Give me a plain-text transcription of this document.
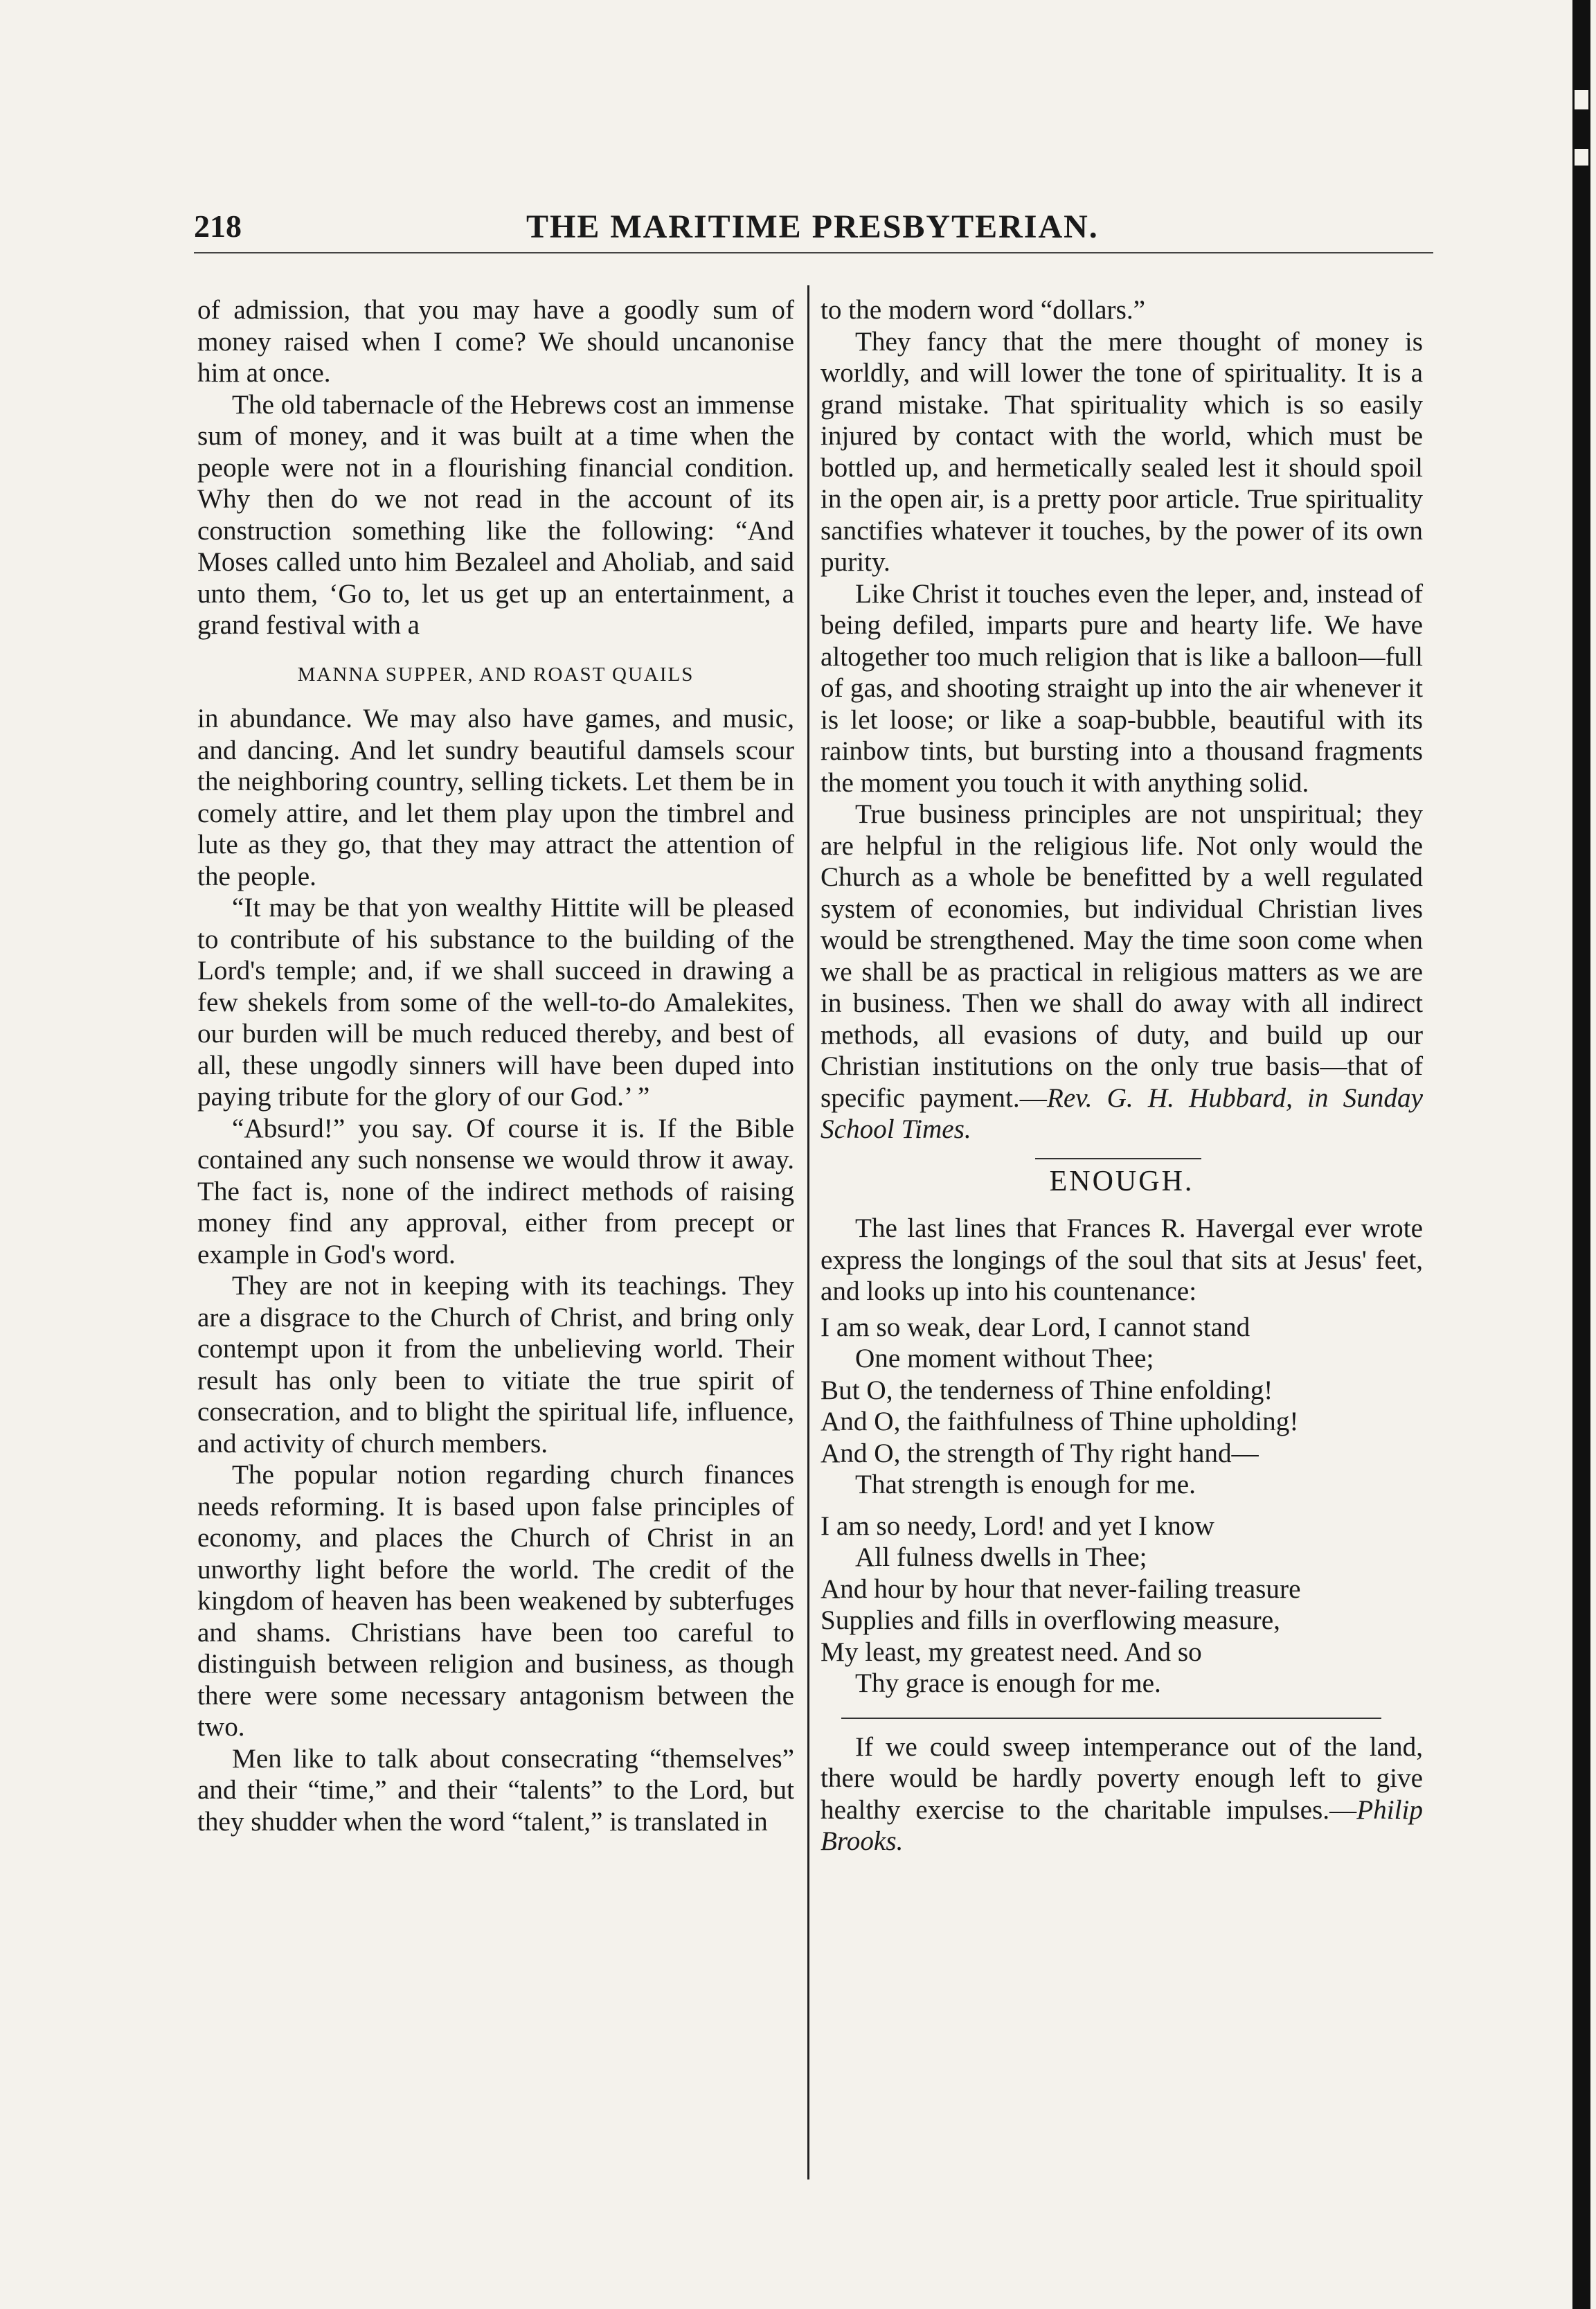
218	THE MARITIME PRESBYTERIAN.

of admission, that you may have a goodly sum of money raised when I come? We should uncanonise him at once.

The old tabernacle of the Hebrews cost an immense sum of money, and it was built at a time when the people were not in a flourishing financial condition. Why then do we not read in the account of its construction something like the following: “And Moses called unto him Bezaleel and Aholiab, and said unto them, ‘Go to, let us get up an entertainment, a grand festival with a

MANNA SUPPER, AND ROAST QUAILS

in abundance. We may also have games, and music, and dancing. And let sundry beautiful damsels scour the neighboring country, selling tickets. Let them be in comely attire, and let them play upon the timbrel and lute as they go, that they may attract the attention of the people.

“It may be that yon wealthy Hittite will be pleased to contribute of his substance to the building of the Lord's temple; and, if we shall succeed in drawing a few shekels from some of the well-to-do Amalekites, our burden will be much reduced thereby, and best of all, these ungodly sinners will have been duped into paying tribute for the glory of our God.’ ”

“Absurd!” you say. Of course it is. If the Bible contained any such nonsense we would throw it away. The fact is, none of the indirect methods of raising money find any approval, either from precept or example in God's word.

They are not in keeping with its teachings. They are a disgrace to the Church of Christ, and bring only contempt upon it from the unbelieving world. Their result has only been to vitiate the true spirit of consecration, and to blight the spiritual life, influence, and activity of church members.

The popular notion regarding church finances needs reforming. It is based upon false principles of economy, and places the Church of Christ in an unworthy light before the world. The credit of the kingdom of heaven has been weakened by subterfuges and shams. Christians have been too careful to distinguish between religion and business, as though there were some necessary antagonism between the two.

Men like to talk about consecrating “themselves” and their “time,” and their “talents” to the Lord, but they shudder when the word “talent,” is translated in

to the modern word “dollars.”

They fancy that the mere thought of money is worldly, and will lower the tone of spirituality. It is a grand mistake. That spirituality which is so easily injured by contact with the world, which must be bottled up, and hermetically sealed lest it should spoil in the open air, is a pretty poor article. True spirituality sanctifies whatever it touches, by the power of its own purity.

Like Christ it touches even the leper, and, instead of being defiled, imparts pure and hearty life. We have altogether too much religion that is like a balloon—full of gas, and shooting straight up into the air whenever it is let loose; or like a soap-bubble, beautiful with its rainbow tints, but bursting into a thousand fragments the moment you touch it with anything solid.

True business principles are not unspiritual; they are helpful in the religious life. Not only would the Church as a whole be benefitted by a well regulated system of economies, but individual Christian lives would be strengthened. May the time soon come when we shall be as practical in religious matters as we are in business. Then we shall do away with all indirect methods, all evasions of duty, and build up our Christian institutions on the only true basis—that of specific payment.—Rev. G. H. Hubbard, in Sunday School Times.

ENOUGH.

The last lines that Frances R. Havergal ever wrote express the longings of the soul that sits at Jesus' feet, and looks up into his countenance:

I am so weak, dear Lord, I cannot stand
One moment without Thee;
But O, the tenderness of Thine enfolding!
And O, the faithfulness of Thine upholding!
And O, the strength of Thy right hand—
That strength is enough for me.
I am so needy, Lord! and yet I know
All fulness dwells in Thee;
And hour by hour that never-failing treasure
Supplies and fills in overflowing measure,
My least, my greatest need. And so
Thy grace is enough for me.

If we could sweep intemperance out of the land, there would be hardly poverty enough left to give healthy exercise to the charitable impulses.—Philip Brooks.
